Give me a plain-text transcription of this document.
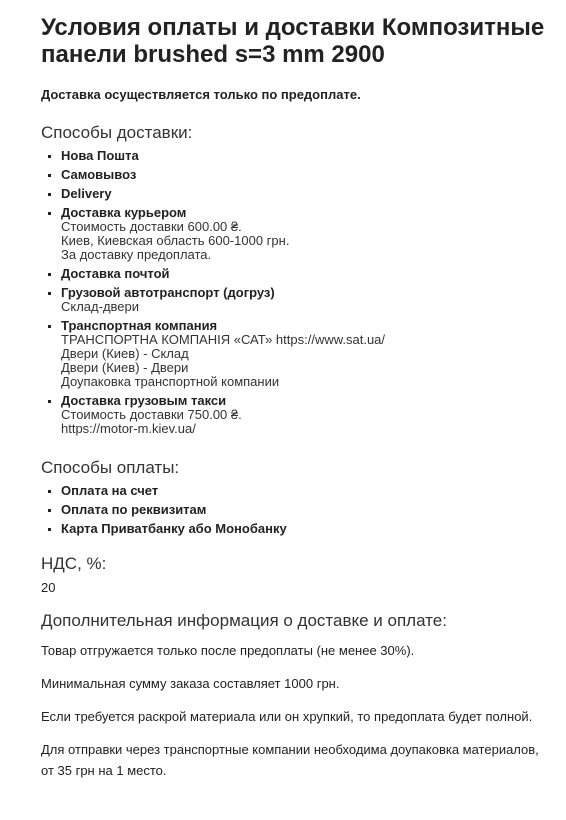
Условия оплаты и доставки Композитные панели brushed s=3 mm 2900
Доставка осуществляется только по предоплате.
Способы доставки:
▪ Нова Пошта
▪ Самовывоз
▪ Delivery
▪ Доставка курьером
Стоимость доставки 600.00 ₴.
Киев, Киевская область 600-1000 грн.
За доставку предоплата.
▪ Доставка почтой
▪ Грузовой автотранспорт (догруз)
Склад-двери
▪ Транспортная компания
ТРАНСПОРТНА КОМПАНІЯ «САТ» https://www.sat.ua/
Двери (Киев) - Склад
Двери (Киев) - Двери
Доупаковка транспортной компании
▪ Доставка грузовым такси
Стоимость доставки 750.00 ₴.
https://motor-m.kiev.ua/
Способы оплаты:
▪ Оплата на счет
▪ Оплата по реквизитам
▪ Карта Приватбанку або Монобанку
НДС, %:
20
Дополнительная информация о доставке и оплате:

Товар отгружается только после предоплаты (не менее 30%).

Минимальная сумму заказа составляет 1000 грн.

Если требуется раскрой материала или он хрупкий, то предоплата будет полной.

Для отправки через транспортные компании необходима доупаковка материалов, от 35 грн на 1 место.
